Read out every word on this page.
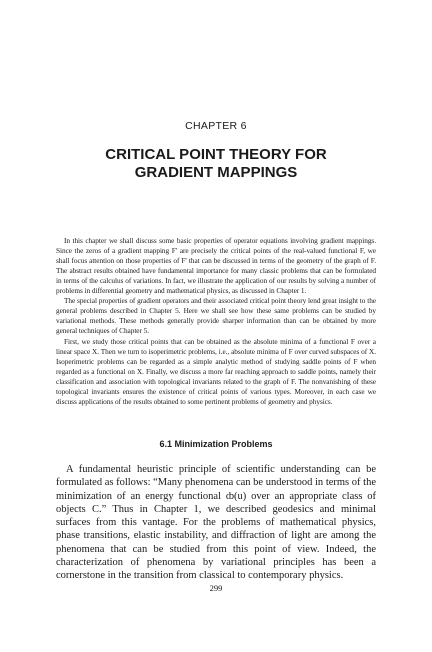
CHAPTER 6
CRITICAL POINT THEORY FOR
GRADIENT MAPPINGS

In this chapter we shall discuss some basic properties of operator equations involving gradient mappings. Since the zeros of a gradient mapping F′ are precisely the critical points of the real-valued functional F, we shall focus attention on those properties of F′ that can be discussed in terms of the geometry of the graph of F. The abstract results obtained have fundamental importance for many classic problems that can be formulated in terms of the calculus of variations. In fact, we illustrate the application of our results by solving a number of problems in differential geometry and mathematical physics, as discussed in Chapter 1.

The special properties of gradient operators and their associated critical point theory lend great insight to the general problems described in Chapter 5. Here we shall see how these same problems can be studied by variational methods. These methods generally provide sharper information than can be obtained by more general techniques of Chapter 5.

First, we study those critical points that can be obtained as the absolute minima of a functional F over a linear space X. Then we turn to isoperimetric problems, i.e., absolute minima of F over curved subspaces of X. Isoperimetric problems can be regarded as a simple analytic method of studying saddle points of F when regarded as a functional on X. Finally, we discuss a more far reaching approach to saddle points, namely their classification and association with topological invariants related to the graph of F. The nonvanishing of these topological invariants ensures the existence of critical points of various types. Moreover, in each case we discuss applications of the results obtained to some pertinent problems of geometry and physics.

6.1 Minimization Problems

A fundamental heuristic principle of scientific understanding can be formulated as follows: “Many phenomena can be understood in terms of the minimization of an energy functional ȸ(u) over an appropriate class of objects C.” Thus in Chapter 1, we described geodesics and minimal surfaces from this vantage. For the problems of mathematical physics, phase transitions, elastic instability, and diffraction of light are among the phenomena that can be studied from this point of view. Indeed, the characterization of phenomena by variational principles has been a cornerstone in the transition from classical to contemporary physics.

299
